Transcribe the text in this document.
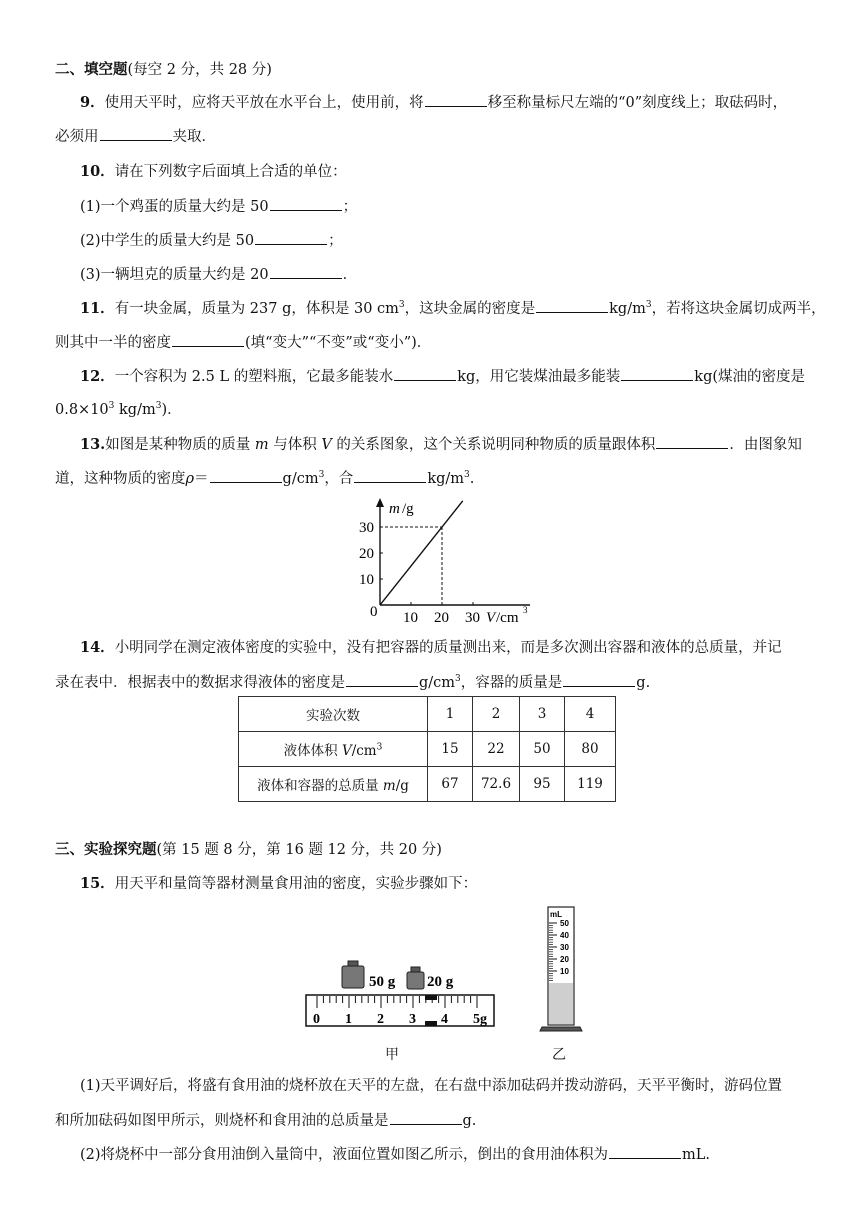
二、填空题(每空 2 分，共 28 分)
9．使用天平时，应将天平放在水平台上，使用前，将	移至称量标尺左端的“0”刻度线上；取砝码时，
必须用	夹取．
10．请在下列数字后面填上合适的单位：
(1)一个鸡蛋的质量大约是 50	；
(2)中学生的质量大约是 50	；
(3)一辆坦克的质量大约是 20	．
11．有一块金属，质量为 237 g，体积是 30 $cm^3$，这块金属的密度是	$kg/m^3$，若将这块金属切成两半，
则其中一半的密度	(填“变大”“不变”或“变小”)．
12．一个容积为 2.5 L 的塑料瓶，它最多能装水	kg，用它装煤油最多能装	kg(煤油的密度是
$0.8\times 10^3$ $kg/m^3$)．
13.如图是某种物质的质量 m 与体积 V 的关系图象，这个关系说明同种物质的质量跟体积	．由图象知
道，这种物质的密度ρ＝	$g/cm^3$，合	$kg/m^3$.
m /g
0 10 20 30
10
20
30
V /cm 3
14．小明同学在测定液体密度的实验中，没有把容器的质量测出来，而是多次测出容器和液体的总质量，并记
录在表中．根据表中的数据求得液体的密度是	$g/cm^3$，容器的质量是	g.
实验次数	1	2	3	4
液体体积 $V/cm^3$	15	22	50	80
液体和容器的总质量 m/g	67	72.6	95	119
三、实验探究题(第 15 题 8 分，第 16 题 12 分，共 20 分)
15．用天平和量筒等器材测量食用油的密度，实验步骤如下：
50 g 20 g
0 1 2 3 4 5g
甲
mL
50
40
30
20
10
乙
(1)天平调好后，将盛有食用油的烧杯放在天平的左盘，在右盘中添加砝码并拨动游码，天平平衡时，游码位置
和所加砝码如图甲所示，则烧杯和食用油的总质量是	g.
(2)将烧杯中一部分食用油倒入量筒中，液面位置如图乙所示，倒出的食用油体积为	mL.
